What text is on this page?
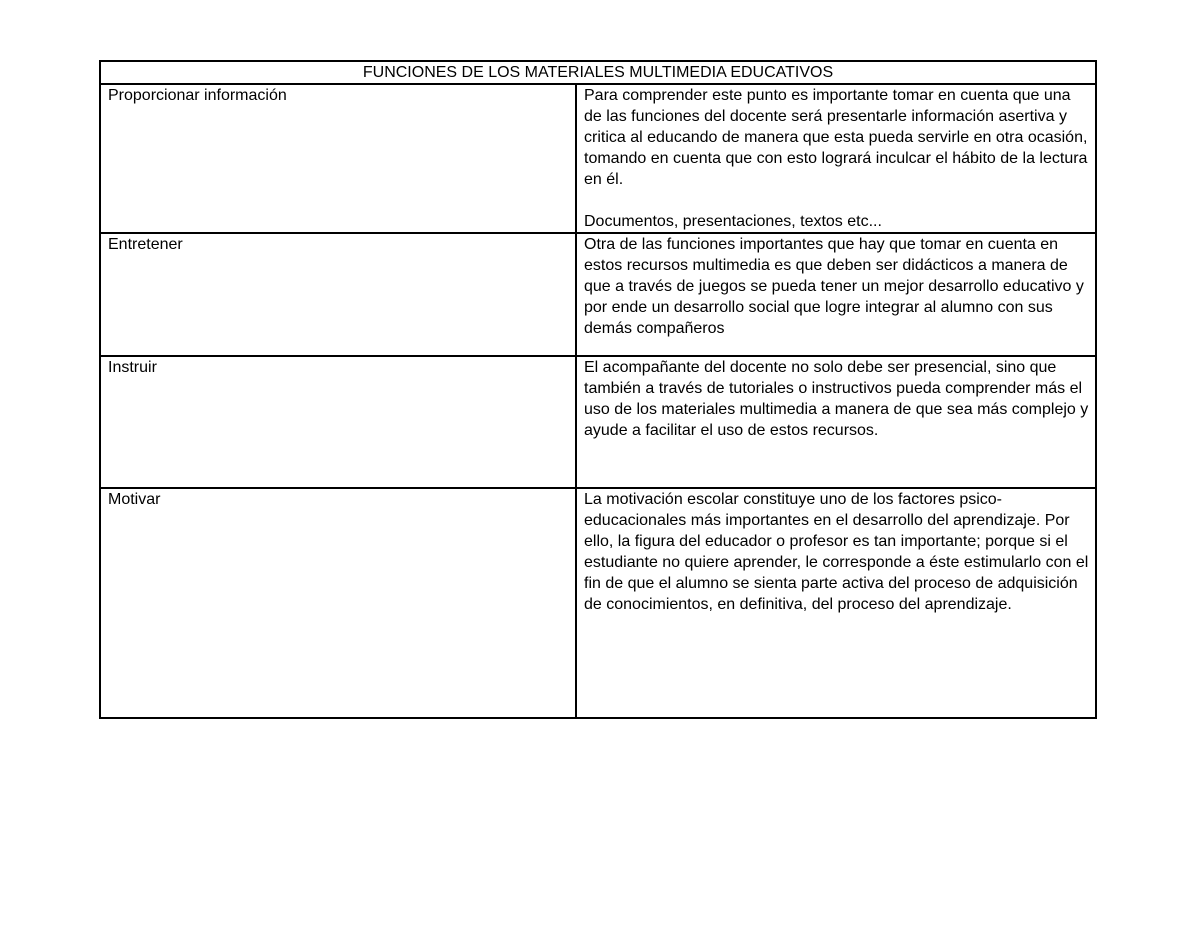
FUNCIONES DE LOS MATERIALES MULTIMEDIA EDUCATIVOS	
Proporcionar información	Para comprender este punto es importante tomar en cuenta que una de las funciones del docente será presentarle información asertiva y critica al educando de manera que esta pueda servirle en otra ocasión, tomando en cuenta que con esto logrará inculcar el hábito de la lectura en él.
Documentos, presentaciones, textos etc...

Entretener	Otra de las funciones importantes que hay que tomar en cuenta en estos recursos multimedia es que deben ser didácticos a manera de que a través de juegos se pueda tener un mejor desarrollo educativo y por ende un desarrollo social que logre integrar al alumno con sus demás compañeros
Instruir	El acompañante del docente no solo debe ser presencial, sino que también a través de tutoriales o instructivos pueda comprender más el uso de los materiales multimedia a manera de que sea más complejo y ayude a facilitar el uso de estos recursos.
Motivar	La motivación escolar constituye uno de los factores psico-educacionales más importantes en el desarrollo del aprendizaje. Por ello, la figura del educador o profesor es tan importante; porque si el estudiante no quiere aprender, le corresponde a éste estimularlo con el fin de que el alumno se sienta parte activa del proceso de adquisición de conocimientos, en definitiva, del proceso del aprendizaje.
